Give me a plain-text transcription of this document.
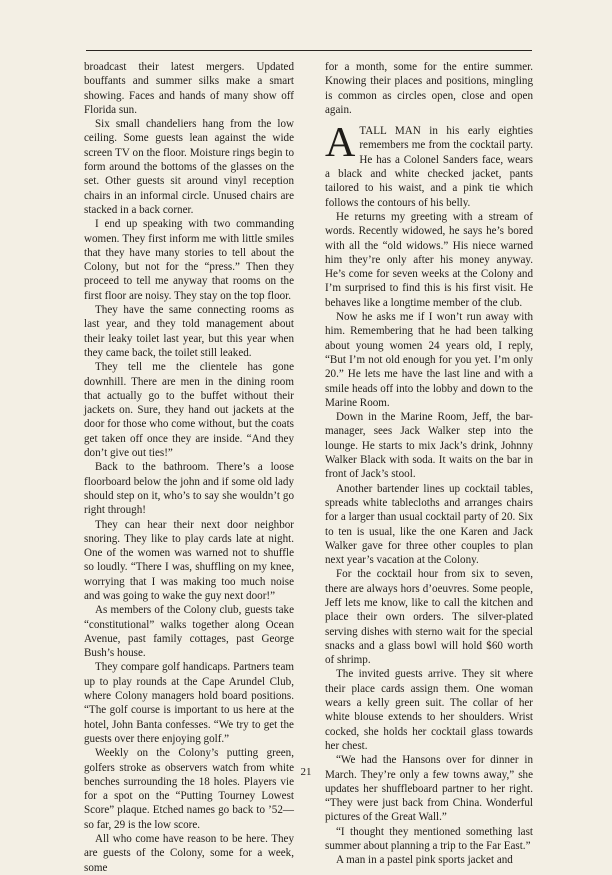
broadcast their latest mergers. Updated bouffants and summer silks make a smart showing. Faces and hands of many show off Florida sun.

Six small chandeliers hang from the low ceiling. Some guests lean against the wide screen TV on the floor. Moisture rings begin to form around the bottoms of the glasses on the set. Other guests sit around vinyl reception chairs in an informal circle. Unused chairs are stacked in a back corner.

I end up speaking with two commanding women. They first inform me with little smiles that they have many stories to tell about the Colony, but not for the “press.” Then they proceed to tell me anyway that rooms on the first floor are noisy. They stay on the top floor.

They have the same connecting rooms as last year, and they told management about their leaky toilet last year, but this year when they came back, the toilet still leaked.

They tell me the clientele has gone downhill. There are men in the dining room that actually go to the buffet without their jackets on. Sure, they hand out jackets at the door for those who come without, but the coats get taken off once they are inside. “And they don’t give out ties!”

Back to the bathroom. There’s a loose floorboard below the john and if some old lady should step on it, who’s to say she wouldn’t go right through!

They can hear their next door neighbor snoring. They like to play cards late at night. One of the women was warned not to shuffle so loudly. “There I was, shuffling on my knee, worrying that I was making too much noise and was going to wake the guy next door!”

As members of the Colony club, guests take “constitutional” walks together along Ocean Avenue, past family cottages, past George Bush’s house.

They compare golf handicaps. Partners team up to play rounds at the Cape Arundel Club, where Colony managers hold board positions. “The golf course is important to us here at the hotel, John Banta confesses. “We try to get the guests over there enjoying golf.”

Weekly on the Colony’s putting green, golfers stroke as observers watch from white benches surrounding the 18 holes. Players vie for a spot on the “Putting Tourney Lowest Score” plaque. Etched names go back to ’52—so far, 29 is the low score.

All who come have reason to be here. They are guests of the Colony, some for a week, some

for a month, some for the entire summer. Knowing their places and positions, mingling is common as circles open, close and open again.

ATALL MAN in his early eighties remembers me from the cocktail party. He has a Colonel Sanders face, wears a black and white checked jacket, pants tailored to his waist, and a pink tie which follows the contours of his belly.

He returns my greeting with a stream of words. Recently widowed, he says he’s bored with all the “old widows.” His niece warned him they’re only after his money anyway. He’s come for seven weeks at the Colony and I’m surprised to find this is his first visit. He behaves like a longtime member of the club.

Now he asks me if I won’t run away with him. Remembering that he had been talking about young women 24 years old, I reply, “But I’m not old enough for you yet. I’m only 20.” He lets me have the last line and with a smile heads off into the lobby and down to the Marine Room.

Down in the Marine Room, Jeff, the bar-manager, sees Jack Walker step into the lounge. He starts to mix Jack’s drink, Johnny Walker Black with soda. It waits on the bar in front of Jack’s stool.

Another bartender lines up cocktail tables, spreads white tablecloths and arranges chairs for a larger than usual cocktail party of 20. Six to ten is usual, like the one Karen and Jack Walker gave for three other couples to plan next year’s vacation at the Colony.

For the cocktail hour from six to seven, there are always hors d’oeuvres. Some people, Jeff lets me know, like to call the kitchen and place their own orders. The silver-plated serving dishes with sterno wait for the special snacks and a glass bowl will hold $60 worth of shrimp.

The invited guests arrive. They sit where their place cards assign them. One woman wears a kelly green suit. The collar of her white blouse extends to her shoulders. Wrist cocked, she holds her cocktail glass towards her chest.

“We had the Hansons over for dinner in March. They’re only a few towns away,” she updates her shuffleboard partner to her right. “They were just back from China. Wonderful pictures of the Great Wall.”

“I thought they mentioned something last summer about planning a trip to the Far East.”

A man in a pastel pink sports jacket and

21
